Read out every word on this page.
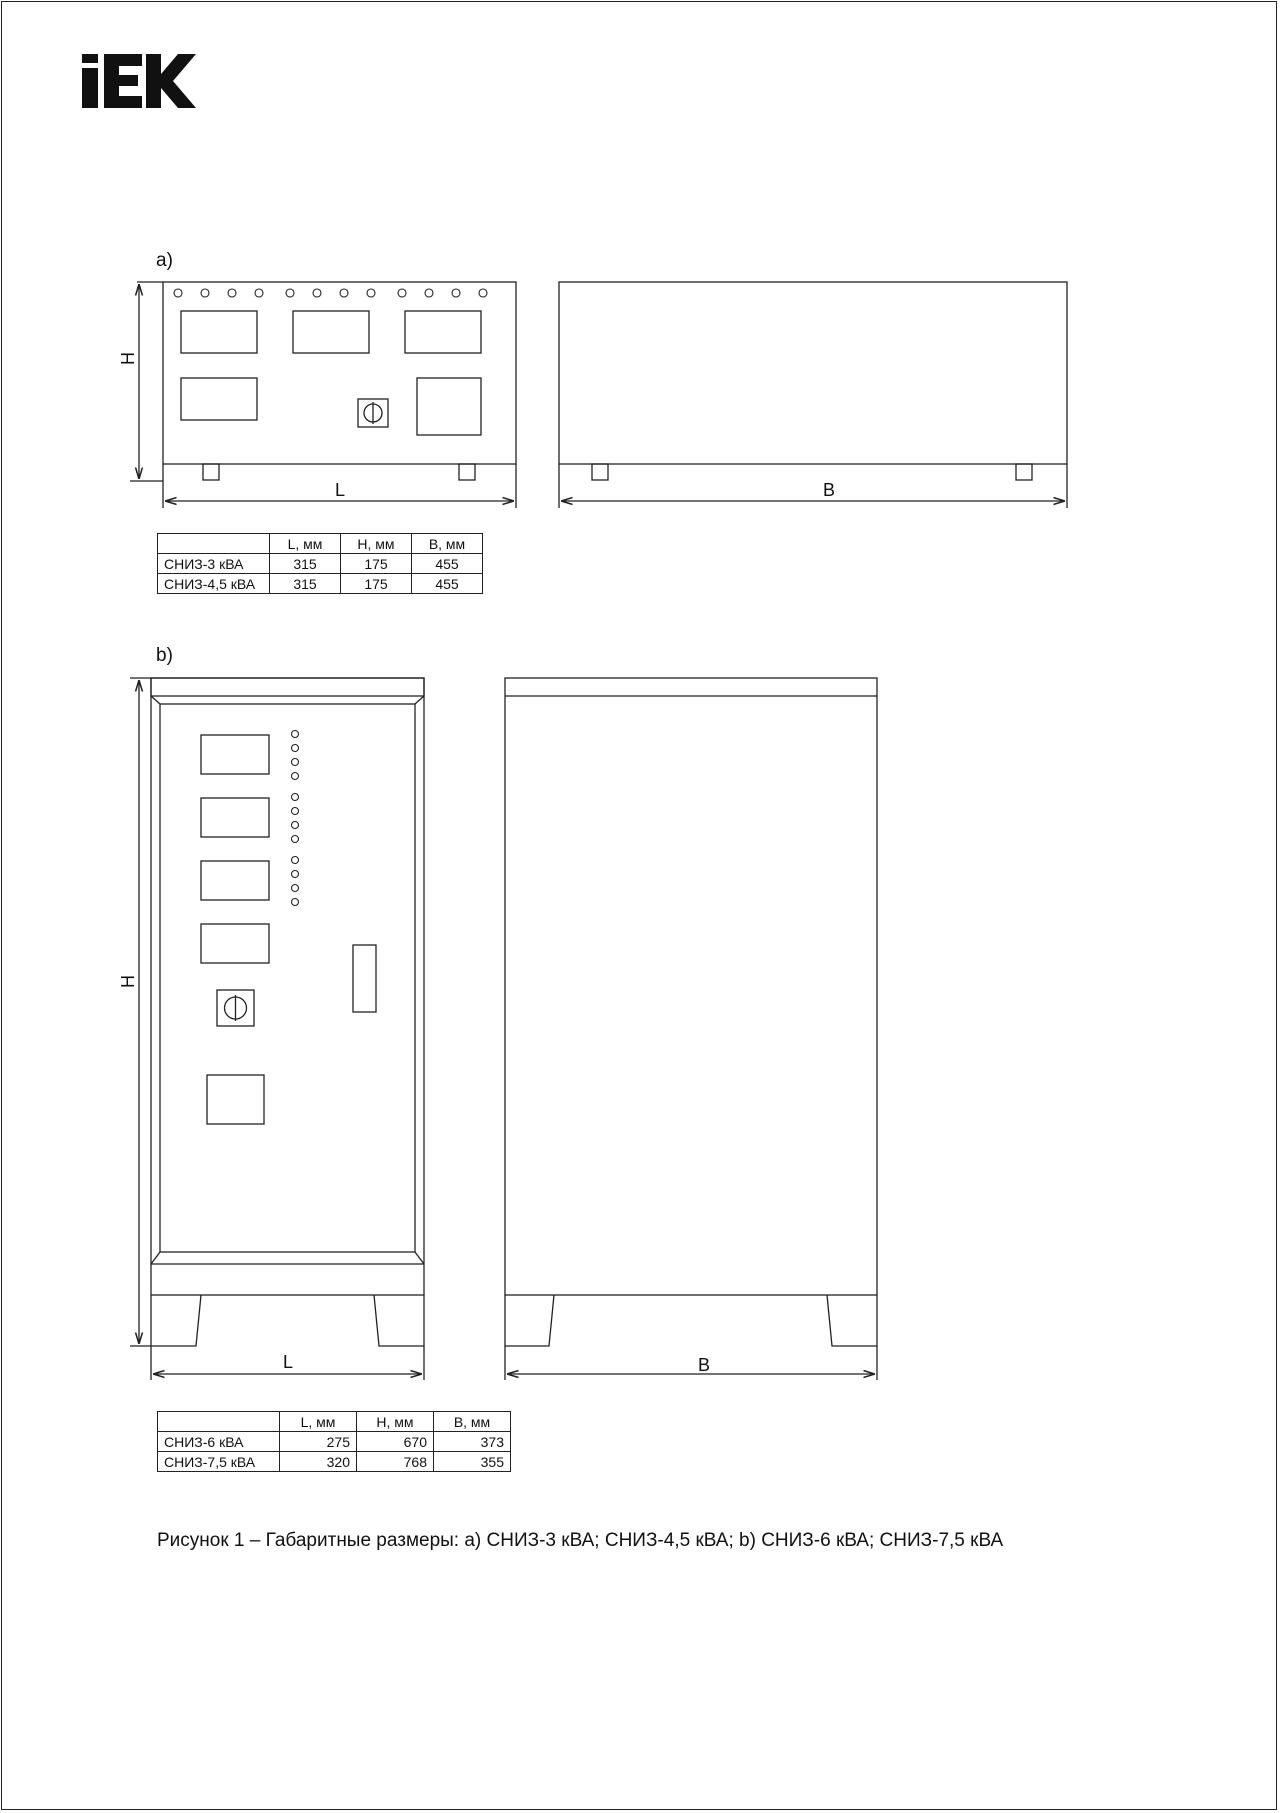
a)
H
L	B
	L, мм	H, мм	B, мм
СНИЗ-3 кВА	315	175	455
СНИЗ-4,5 кВА	315	175	455
b)
H
L	B
	L, мм	H, мм	B, мм
СНИЗ-6 кВА	275	670	373
СНИЗ-7,5 кВА	320	768	355
Рисунок 1 – Габаритные размеры: a) СНИЗ-3 кВА; СНИЗ-4,5 кВА; b) СНИЗ-6 кВА; СНИЗ-7,5 кВА
